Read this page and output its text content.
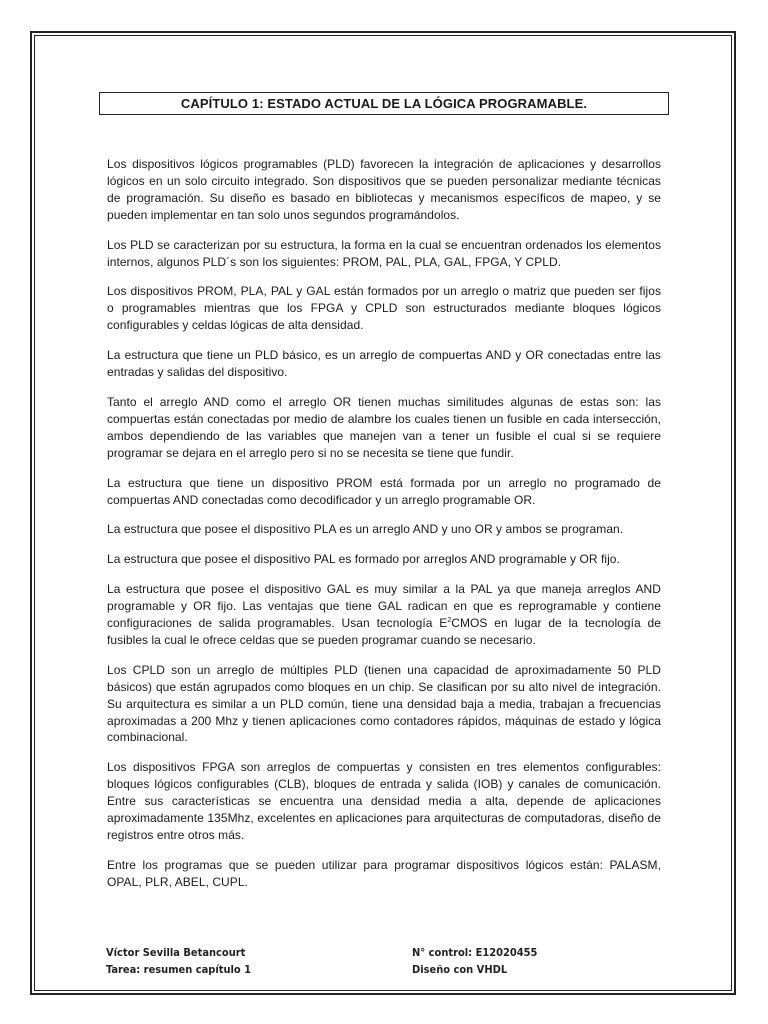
CAPÍTULO 1: ESTADO ACTUAL DE LA LÓGICA PROGRAMABLE.

Los dispositivos lógicos programables (PLD) favorecen la integración de aplicaciones y desarrollos lógicos en un solo circuito integrado. Son dispositivos que se pueden personalizar mediante técnicas de programación. Su diseño es basado en bibliotecas y mecanismos específicos de mapeo, y se pueden implementar en tan solo unos segundos programándolos.

Los PLD se caracterizan por su estructura, la forma en la cual se encuentran ordenados los elementos internos, algunos PLD´s son los siguientes: PROM, PAL, PLA, GAL, FPGA, Y CPLD.

Los dispositivos PROM, PLA, PAL y GAL están formados por un arreglo o matriz que pueden ser fijos o programables mientras que los FPGA y CPLD son estructurados mediante bloques lógicos configurables y celdas lógicas de alta densidad.

La estructura que tiene un PLD básico, es un arreglo de compuertas AND y OR conectadas entre las entradas y salidas del dispositivo.

Tanto el arreglo AND como el arreglo OR tienen muchas similitudes algunas de estas son: las compuertas están conectadas por medio de alambre los cuales tienen un fusible en cada intersección, ambos dependiendo de las variables que manejen van a tener un fusible el cual si se requiere programar se dejara en el arreglo pero si no se necesita se tiene que fundir.

La estructura que tiene un dispositivo PROM está formada por un arreglo no programado de compuertas AND conectadas como decodificador y un arreglo programable OR.

La estructura que posee el dispositivo PLA es un arreglo AND y uno OR y ambos se programan.

La estructura que posee el dispositivo PAL es formado por arreglos AND programable y OR fijo.

La estructura que posee el dispositivo GAL es muy similar a la PAL ya que maneja arreglos AND programable y OR fijo. Las ventajas que tiene GAL radican en que es reprogramable y contiene configuraciones de salida programables. Usan tecnología $E^2CMOS$ en lugar de la tecnología de fusibles la cual le ofrece celdas que se pueden programar cuando se necesario.

Los CPLD son un arreglo de múltiples PLD (tienen una capacidad de aproximadamente 50 PLD básicos) que están agrupados como bloques en un chip. Se clasifican por su alto nivel de integración. Su arquitectura es similar a un PLD común, tiene una densidad baja a media, trabajan a frecuencias aproximadas a 200 Mhz y tienen aplicaciones como contadores rápidos, máquinas de estado y lógica combinacional.

Los dispositivos FPGA son arreglos de compuertas y consisten en tres elementos configurables: bloques lógicos configurables (CLB), bloques de entrada y salida (IOB) y canales de comunicación. Entre sus características se encuentra una densidad media a alta, depende de aplicaciones aproximadamente 135Mhz, excelentes en aplicaciones para arquitecturas de computadoras, diseño de registros entre otros más.

Entre los programas que se pueden utilizar para programar dispositivos lógicos están: PALASM, OPAL, PLR, ABEL, CUPL.

Víctor Sevilla Betancourt
Tarea: resumen capítulo 1
N° control: E12020455
Diseño con VHDL
